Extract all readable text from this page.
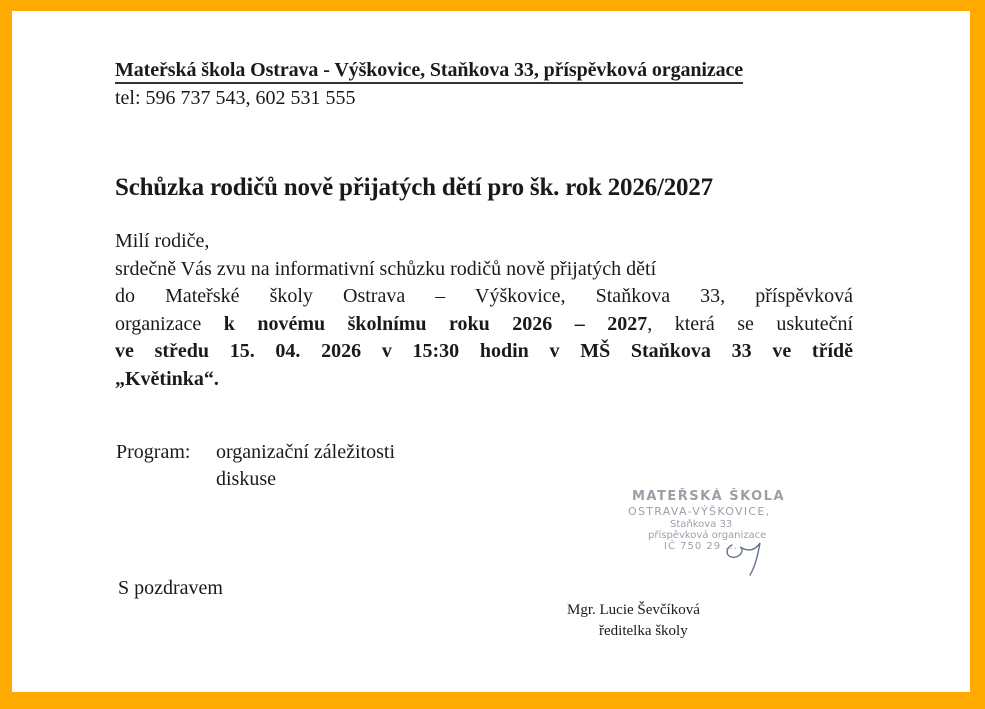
Mateřská škola Ostrava - Výškovice, Staňkova 33, příspěvková organizace
tel: 596 737 543, 602 531 555
Schůzka rodičů nově přijatých dětí pro šk. rok 2026/2027
Milí rodiče,
srdečně Vás zvu na informativní schůzku rodičů nově přijatých dětí
do Mateřské školy Ostrava – Výškovice, Staňkova 33, příspěvková
organizace k novému školnímu roku 2026 – 2027, která se uskuteční
ve středu 15. 04. 2026 v 15:30 hodin v MŠ Staňkova 33 ve třídě
„Květinka“.
Program: organizační záležitosti
diskuse
MATEŘSKÁ ŠKOLA
OSTRAVA-VÝŠKOVICE,
Staňkova 33
příspěvková organizace
IČ 750 29 ...
S pozdravem
Mgr. Lucie Ševčíková
ředitelka školy
